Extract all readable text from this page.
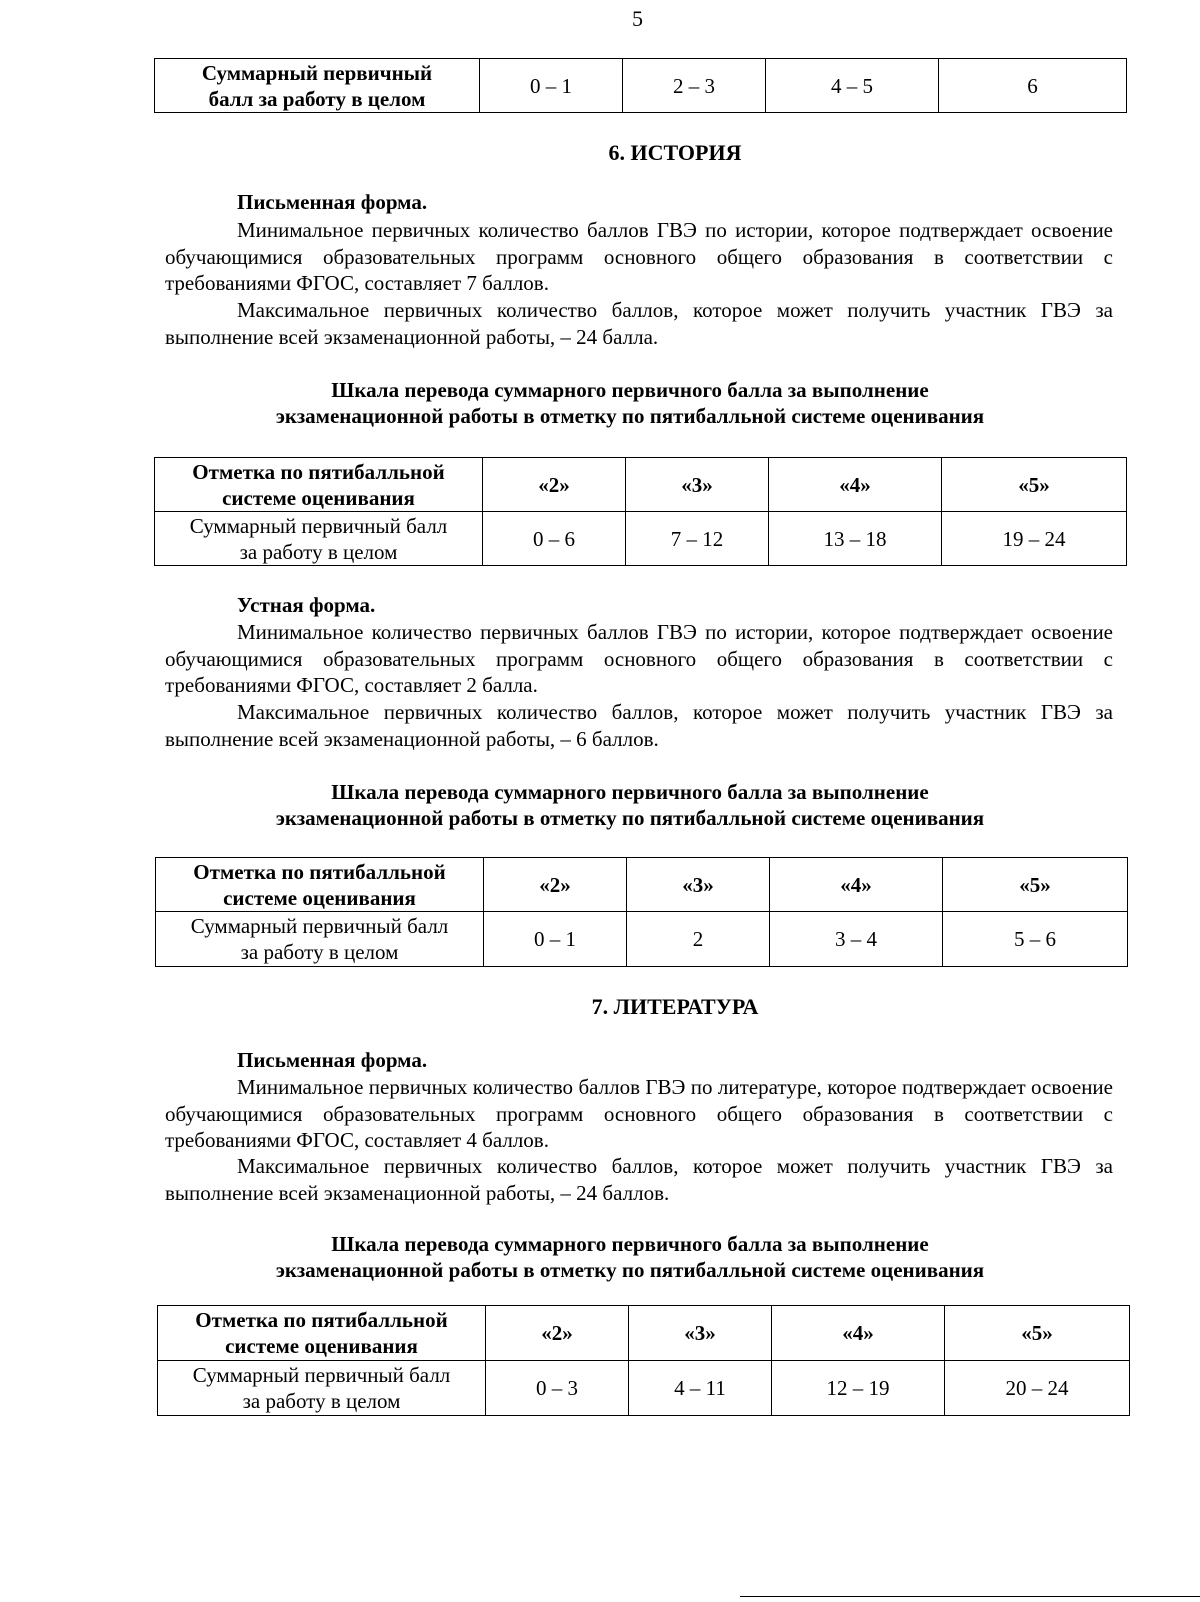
5
Суммарный первичный
балл за работу в целом
	0 – 1	2 – 3	4 – 5	6
6. ИСТОРИЯ
Письменная форма.

Минимальное первичных количество баллов ГВЭ по истории, которое подтверждает освоение обучающимися образовательных программ основного общего образования в соответствии с требованиями ФГОС, составляет 7 баллов.

Максимальное первичных количество баллов, которое может получить участник ГВЭ за выполнение всей экзаменационной работы, – 24 балла.

Шкала перевода суммарного первичного балла за выполнение
экзаменационной работы в отметку по пятибалльной системе оценивания
Отметка по пятибалльной
системе оценивания	«2»	«3»	«4»	«5»

Суммарный первичный балл
за работу в целом	0 – 6	7 – 12	13 – 18	19 – 24
Устная форма.

Минимальное количество первичных баллов ГВЭ по истории, которое подтверждает освоение обучающимися образовательных программ основного общего образования в соответствии с требованиями ФГОС, составляет 2 балла.

Максимальное первичных количество баллов, которое может получить участник ГВЭ за выполнение всей экзаменационной работы, – 6 баллов.

Шкала перевода суммарного первичного балла за выполнение
экзаменационной работы в отметку по пятибалльной системе оценивания
Отметка по пятибалльной
системе оценивания	«2»	«3»	«4»	«5»

Суммарный первичный балл
за работу в целом	0 – 1	2	3 – 4	5 – 6
7. ЛИТЕРАТУРА
Письменная форма.

Минимальное первичных количество баллов ГВЭ по литературе, которое подтверждает освоение обучающимися образовательных программ основного общего образования в соответствии с требованиями ФГОС, составляет 4 баллов.

Максимальное первичных количество баллов, которое может получить участник ГВЭ за выполнение всей экзаменационной работы, – 24 баллов.

Шкала перевода суммарного первичного балла за выполнение
экзаменационной работы в отметку по пятибалльной системе оценивания
Отметка по пятибалльной
системе оценивания	«2»	«3»	«4»	«5»

Суммарный первичный балл
за работу в целом	0 – 3	4 – 11	12 – 19	20 – 24
